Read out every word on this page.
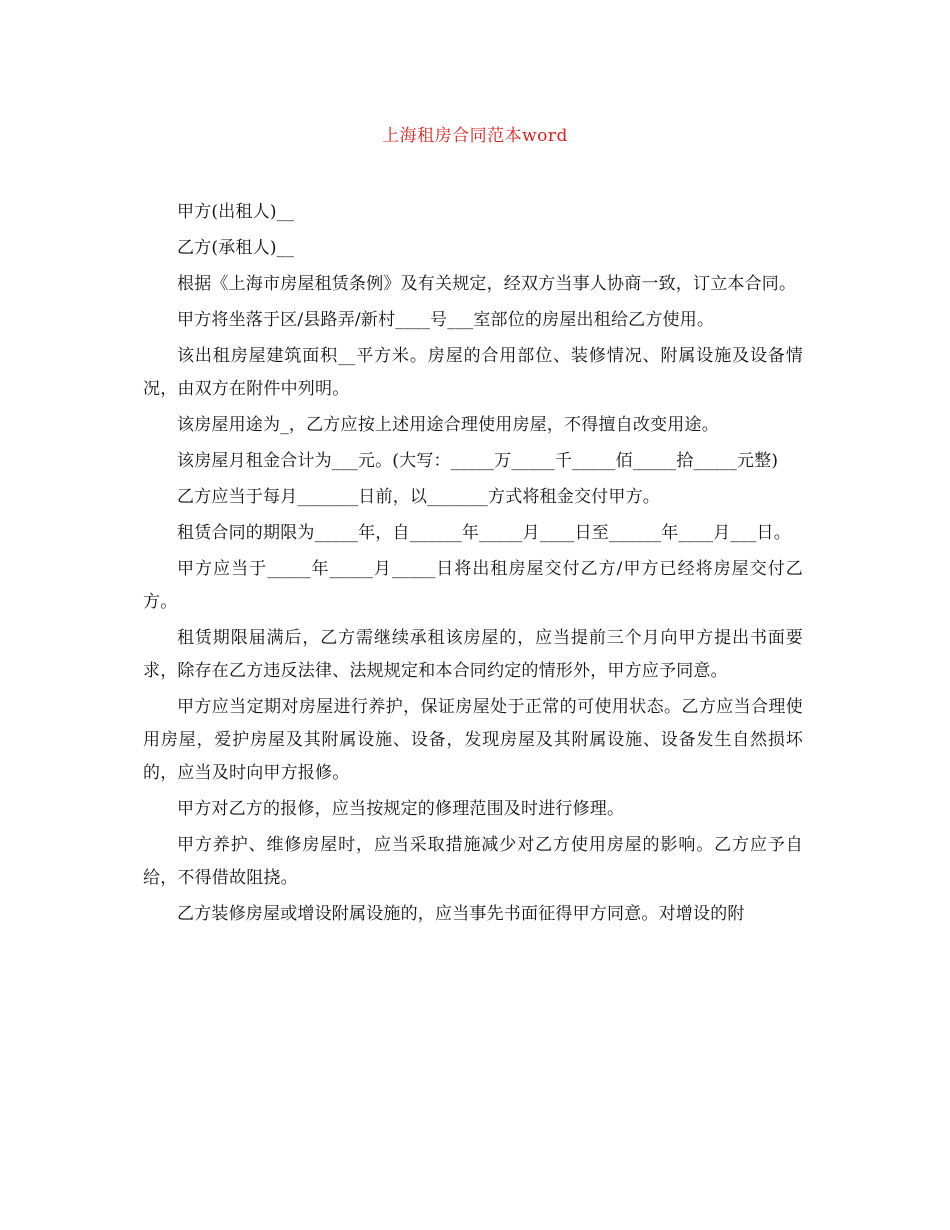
上海租房合同范本word

甲方(出租人)__

乙方(承租人)__

根据《上海市房屋租赁条例》及有关规定，经双方当事人协商一致，订立本合同。

甲方将坐落于区/县路弄/新村____号___室部位的房屋出租给乙方使用。

该出租房屋建筑面积__平方米。房屋的合用部位、装修情况、附属设施及设备情况，由双方在附件中列明。

该房屋用途为_，乙方应按上述用途合理使用房屋，不得擅自改变用途。

该房屋月租金合计为___元。(大写：_____万_____千_____佰_____拾_____元整)

乙方应当于每月_______日前，以_______方式将租金交付甲方。

租赁合同的期限为_____年，自______年_____月____日至______年____月___日。

甲方应当于_____年_____月_____日将出租房屋交付乙方/甲方已经将房屋交付乙方。

租赁期限届满后，乙方需继续承租该房屋的，应当提前三个月向甲方提出书面要求，除存在乙方违反法律、法规规定和本合同约定的情形外，甲方应予同意。

甲方应当定期对房屋进行养护，保证房屋处于正常的可使用状态。乙方应当合理使用房屋，爱护房屋及其附属设施、设备，发现房屋及其附属设施、设备发生自然损坏的，应当及时向甲方报修。

甲方对乙方的报修，应当按规定的修理范围及时进行修理。

甲方养护、维修房屋时，应当采取措施减少对乙方使用房屋的影响。乙方应予自给，不得借故阻挠。

乙方装修房屋或增设附属设施的，应当事先书面征得甲方同意。对增设的附
